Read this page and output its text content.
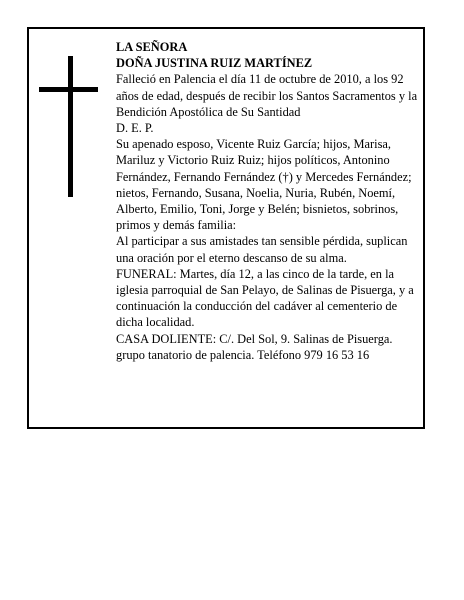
LA SEÑORA

DOÑA JUSTINA RUIZ MARTÍNEZ

Falleció en Palencia el día 11 de octubre de 2010, a los 92 años de edad, después de recibir los Santos Sacramentos y la Bendición Apostólica de Su Santidad

D. E. P.

Su apenado esposo, Vicente Ruiz García; hijos, Marisa, Mariluz y Victorio Ruiz Ruiz; hijos políticos, Antonino Fernández, Fernando Fernández (†) y Mercedes Fernández; nietos, Fernando, Susana, Noelia, Nuria, Rubén, Noemí, Alberto, Emilio, Toni, Jorge y Belén; bisnietos, sobrinos, primos y demás familia:

Al participar a sus amistades tan sensible pérdida, suplican una oración por el eterno descanso de su alma.

FUNERAL: Martes, día 12, a las cinco de la tarde, en la iglesia parroquial de San Pelayo, de Salinas de Pisuerga, y a continuación la conducción del cadáver al cementerio de dicha localidad.

CASA DOLIENTE: C/. Del Sol, 9. Salinas de Pisuerga.

grupo tanatorio de palencia. Teléfono 979 16 53 16
